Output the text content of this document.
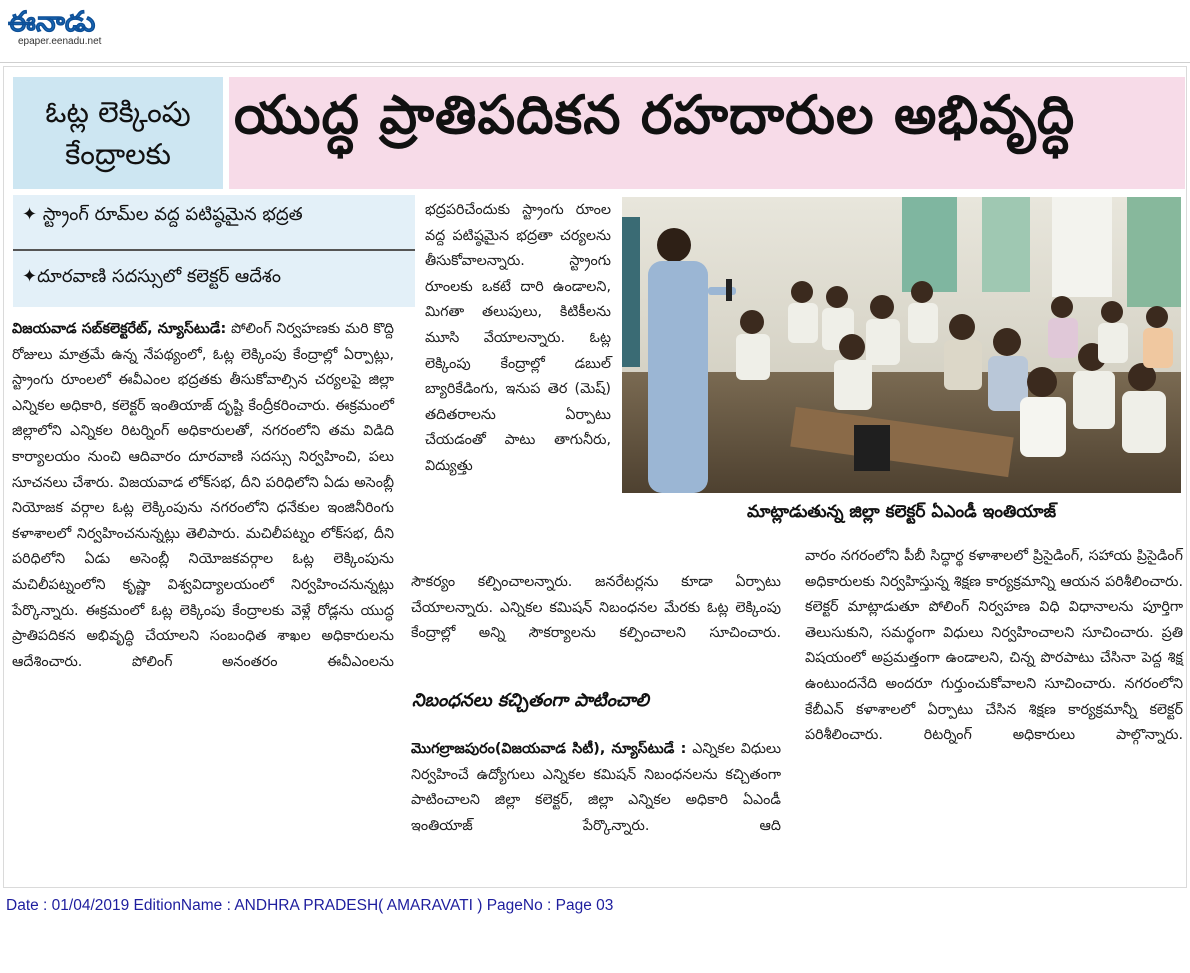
ఈనాడు
epaper.eenadu.net
ఓట్ల లెక్కింపు
కేంద్రాలకు
యుద్ధ ప్రాతిపదికన రహదారుల అభివృద్ధి
✦ స్ట్రాంగ్ రూమ్‌ల వద్ద పటిష్ఠమైన భద్రత
✦దూరవాణి సదస్సులో కలెక్టర్ ఆదేశం
విజయవాడ సబ్‌కలెక్టరేట్, న్యూస్‌టుడే: పోలింగ్ నిర్వహణకు మరి కొద్ది రోజులు మాత్రమే ఉన్న నేపథ్యంలో, ఓట్ల లెక్కింపు కేంద్రాల్లో ఏర్పాట్లు, స్ట్రాంగు రూంలలో ఈవీఎంల భద్రతకు తీసుకోవాల్సిన చర్యలపై జిల్లా ఎన్నికల అధికారి, కలెక్టర్ ఇంతియాజ్ దృష్టి కేంద్రీకరించారు. ఈక్రమంలో జిల్లాలోని ఎన్నికల రిటర్నింగ్ అధికారులతో, నగరంలోని తమ విడిది కార్యాలయం నుంచి ఆదివారం దూరవాణి సదస్సు నిర్వహించి, పలు సూచనలు చేశారు. విజయవాడ లోక్‌సభ, దీని పరిధిలోని ఏడు అసెంబ్లీ నియోజక వర్గాల ఓట్ల లెక్కింపును నగరంలోని ధనేకుల ఇంజినీరింగు కళాశాలలో నిర్వహించనున్నట్లు తెలిపారు. మచిలీపట్నం లోక్‌సభ, దీని పరిధిలోని ఏడు అసెంబ్లీ నియోజకవర్గాల ఓట్ల లెక్కింపును మచిలీపట్నంలోని కృష్ణా విశ్వవిద్యాలయంలో నిర్వహించనున్నట్లు పేర్కొన్నారు. ఈక్రమంలో ఓట్ల లెక్కింపు కేంద్రాలకు వెళ్లే రోడ్లను యుద్ధ ప్రాతిపదికన అభివృద్ధి చేయాలని సంబంధిత శాఖల అధికారులను ఆదేశించారు. పోలింగ్ అనంతరం ఈవీఎంలను
భద్రపరిచేందుకు స్ట్రాంగు రూంల వద్ద పటిష్ఠమైన భద్రతా చర్యలను తీసుకోవాలన్నారు. స్ట్రాంగు రూంలకు ఒకటే దారి ఉండాలని, మిగతా తలుపులు, కిటికీలను మూసి వేయాలన్నారు. ఓట్ల లెక్కింపు కేంద్రాల్లో డబుల్ బ్యారికేడింగు, ఇనుప తెర (మెష్) తదితరాలను ఏర్పాటు చేయడంతో పాటు తాగునీరు, విద్యుత్తు
మాట్లాడుతున్న జిల్లా కలెక్టర్ ఏఎండీ ఇంతియాజ్
సౌకర్యం కల్పించాలన్నారు. జనరేటర్లను కూడా ఏర్పాటు చేయాలన్నారు. ఎన్నికల కమిషన్ నిబంధనల మేరకు ఓట్ల లెక్కింపు కేంద్రాల్లో అన్ని సౌకర్యాలను కల్పించాలని సూచించారు.
నిబంధనలు కచ్చితంగా పాటించాలి
మొగల్రాజపురం(విజయవాడ సిటీ), న్యూస్‌టుడే : ఎన్నికల విధులు నిర్వహించే ఉద్యోగులు ఎన్నికల కమిషన్ నిబంధనలను కచ్చితంగా పాటించాలని జిల్లా కలెక్టర్, జిల్లా ఎన్నికల అధికారి ఏఎండీ ఇంతియాజ్ పేర్కొన్నారు. ఆది
వారం నగరంలోని పీబీ సిద్ధార్థ కళాశాలలో ప్రిసైడింగ్, సహాయ ప్రిసైడింగ్ అధికారులకు నిర్వహిస్తున్న శిక్షణ కార్యక్రమాన్ని ఆయన పరిశీలించారు. కలెక్టర్ మాట్లాడుతూ పోలింగ్ నిర్వహణ విధి విధానాలను పూర్తిగా తెలుసుకుని, సమర్థంగా విధులు నిర్వహించాలని సూచించారు. ప్రతి విషయంలో అప్రమత్తంగా ఉండాలని, చిన్న పొరపాటు చేసినా పెద్ద శిక్ష ఉంటుందనేది అందరూ గుర్తుంచుకోవాలని సూచించారు. నగరంలోని కేబీఎన్ కళాశాలలో ఏర్పాటు చేసిన శిక్షణ కార్యక్రమాన్నీ కలెక్టర్ పరిశీలించారు. రిటర్నింగ్ అధికారులు పాల్గొన్నారు.
Date : 01/04/2019 EditionName : ANDHRA PRADESH( AMARAVATI ) PageNo : Page 03
